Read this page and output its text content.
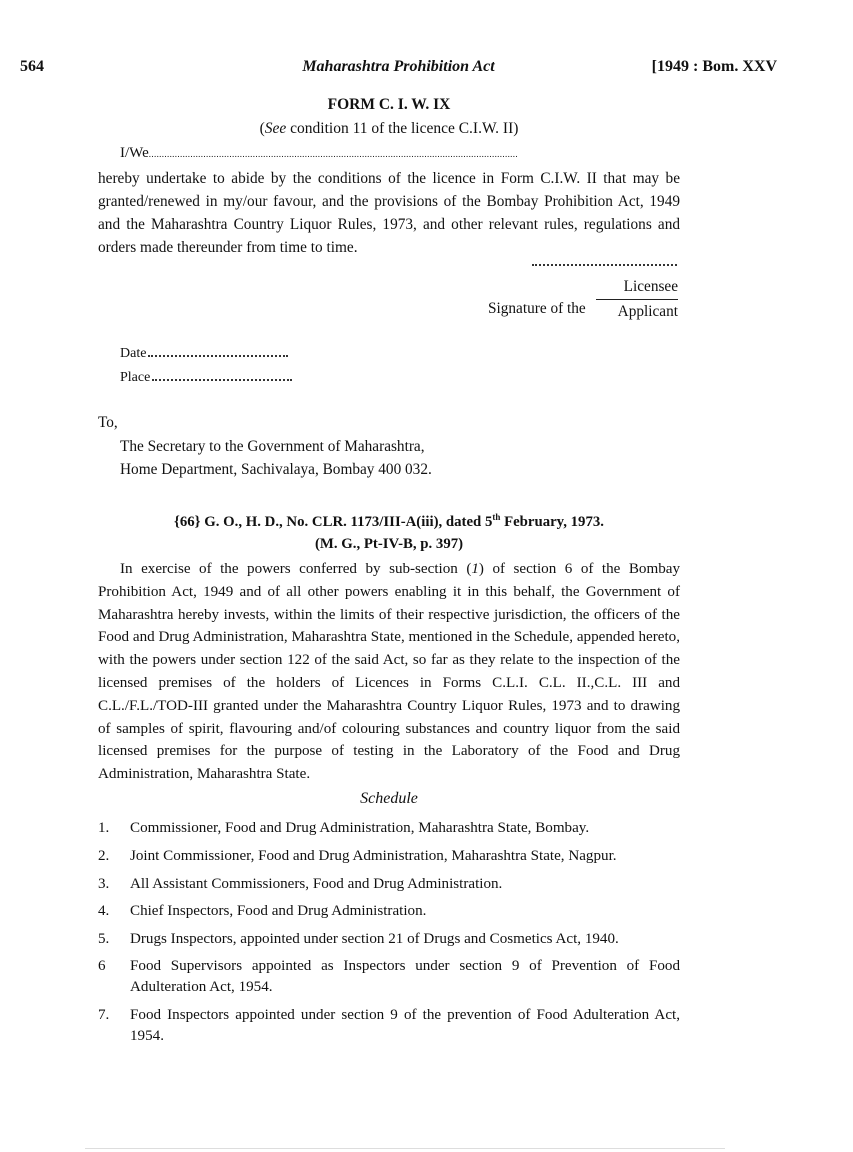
564	Maharashtra Prohibition Act	[1949 : Bom. XXV
FORM C. I. W. IX
(See condition 11 of the licence C.I.W. II)
I/We..............................................................................................................................................
hereby undertake to abide by the conditions of the licence in Form C.I.W. II that may be granted/renewed in my/our favour, and the provisions of the Bombay Prohibition Act, 1949 and the Maharashtra Country Liquor Rules, 1973, and other relevant rules, regulations and orders made thereunder from time to time.
Signature of the
Licensee
Applicant
Date
Place
To,
The Secretary to the Government of Maharashtra,
Home Department, Sachivalaya, Bombay 400 032.
{66} G. O., H. D., No. CLR. 1173/III-A(iii), dated 5th February, 1973.
(M. G., Pt-IV-B, p. 397)
In exercise of the powers conferred by sub-section (1) of section 6 of the Bombay Prohibition Act, 1949 and of all other powers enabling it in this behalf, the Government of Maharashtra hereby invests, within the limits of their respective jurisdiction, the officers of the Food and Drug Administration, Maharashtra State, mentioned in the Schedule, appended hereto, with the powers under section 122 of the said Act, so far as they relate to the inspection of the licensed premises of the holders of Licences in Forms C.L.I. C.L. II.,C.L. III and C.L./F.L./TOD-III granted under the Maharashtra Country Liquor Rules, 1973 and to drawing of samples of spirit, flavouring and/of colouring substances and country liquor from the said licensed premises for the purpose of testing in the Laboratory of the Food and Drug Administration, Maharashtra State.
Schedule
1.	Commissioner, Food and Drug Administration, Maharashtra State, Bombay.
2.	Joint Commissioner, Food and Drug Administration, Maharashtra State, Nagpur.
3.	All Assistant Commissioners, Food and Drug Administration.
4.	Chief Inspectors, Food and Drug Administration.
5.	Drugs Inspectors, appointed under section 21 of Drugs and Cosmetics Act, 1940.
6	Food Supervisors appointed as Inspectors under section 9 of Prevention of Food Adulteration Act, 1954.
7.	Food Inspectors appointed under section 9 of the prevention of Food Adulteration Act, 1954.
